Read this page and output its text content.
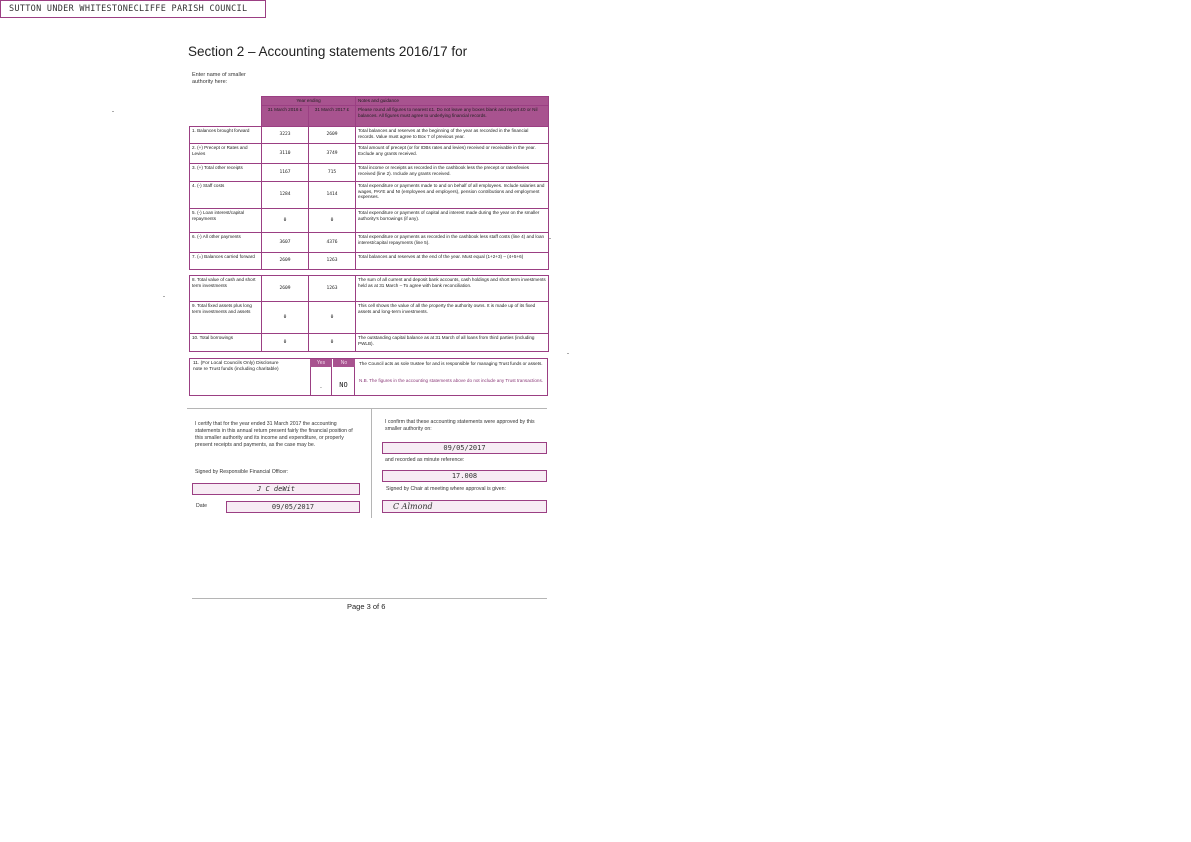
Section 2 – Accounting statements 2016/17 for
Enter name of smaller authority here:
SUTTON UNDER WHITESTONECLIFFE PARISH COUNCIL
	Year ending		Notes and guidance
	31 March 2016 £	31 March 2017 £	Please round all figures to nearest £1. Do not leave any boxes blank and report £0 or Nil balances. All figures must agree to underlying financial records.
1. Balances brought forward	3223	2609	Total balances and reserves at the beginning of the year as recorded in the financial records. Value must agree to Box 7 of previous year.
2. (+) Precept or Rates and Levies	3110	3749	Total amount of precept (or for IDBs rates and levies) received or receivable in the year. Exclude any grants received.
3. (+) Total other receipts	1167	715	Total income or receipts as recorded in the cashbook less the precept or rates/levies received (line 2). Include any grants received.
4. (-) Staff costs	1284	1414	Total expenditure or payments made to and on behalf of all employees. Include salaries and wages, PAYE and NI (employees and employers), pension contributions and employment expenses.
5. (-) Loan interest/capital repayments	0	0	Total expenditure or payments of capital and interest made during the year on the smaller authority's borrowings (if any).
6. (-) All other payments	3607	4376	Total expenditure or payments as recorded in the cashbook less staff costs (line 4) and loan interest/capital repayments (line 5).
7. (=) Balances carried forward	2609	1263	Total balances and reserves at the end of the year. Must equal (1+2+3) – (4+5+6)

8. Total value of cash and short term investments	2609	1263	The sum of all current and deposit bank accounts, cash holdings and short term investments held as at 31 March – To agree with bank reconciliation.
9. Total fixed assets plus long term investments and assets	0	0	This cell shows the value of all the property the authority owns. It is made up of its fixed assets and long-term investments.
10. Total borrowings	0	0	The outstanding capital balance as at 31 March of all loans from third parties (including PWLB).

11. (For Local Councils Only) Disclosure note re Trust funds (including charitable)
Yes	No
.	NO
The Council acts as sole trustee for and is responsible for managing Trust funds or assets.
N.B. The figures in the accounting statements above do not include any Trust transactions.
I certify that for the year ended 31 March 2017 the accounting statements in this annual return present fairly the financial position of this smaller authority and its income and expenditure, or properly present receipts and payments, as the case may be.
Signed by Responsible Financial Officer:
J C deWit
Date	09/05/2017
I confirm that these accounting statements were approved by this smaller authority on:
09/05/2017
and recorded as minute reference:
17.008
Signed by Chair at meeting where approval is given:
C Almond
Page 3 of 6
